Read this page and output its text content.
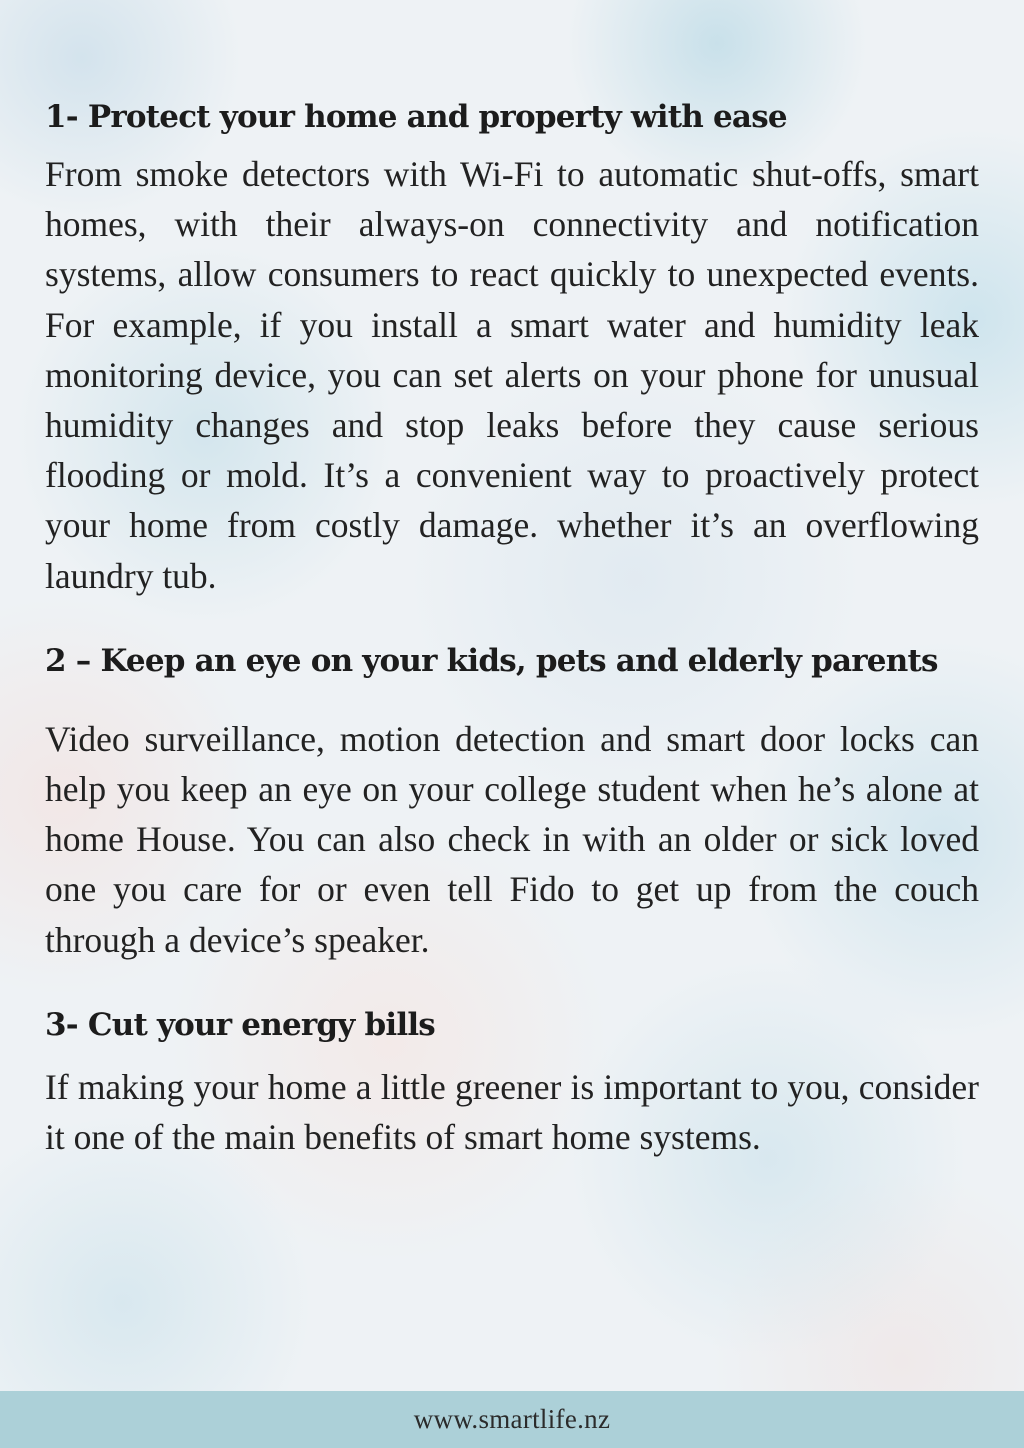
1- Protect your home and property with ease

From smoke detectors with Wi-Fi to automatic shut-offs, smart homes, with their always-on connectivity and notification systems, allow consumers to react quickly to unexpected events. For example, if you install a smart water and humidity leak monitoring device, you can set alerts on your phone for unusual humidity changes and stop leaks before they cause serious flooding or mold. It’s a convenient way to proactively protect your home from costly damage. whether it’s an overflowing laundry tub.

2 – Keep an eye on your kids, pets and elderly parents

Video surveillance, motion detection and smart door locks can help you keep an eye on your college student when he’s alone at home House. You can also check in with an older or sick loved one you care for or even tell Fido to get up from the couch through a device’s speaker.

3- Cut your energy bills

If making your home a little greener is important to you, consider it one of the main benefits of smart home systems.

www.smartlife.nz
